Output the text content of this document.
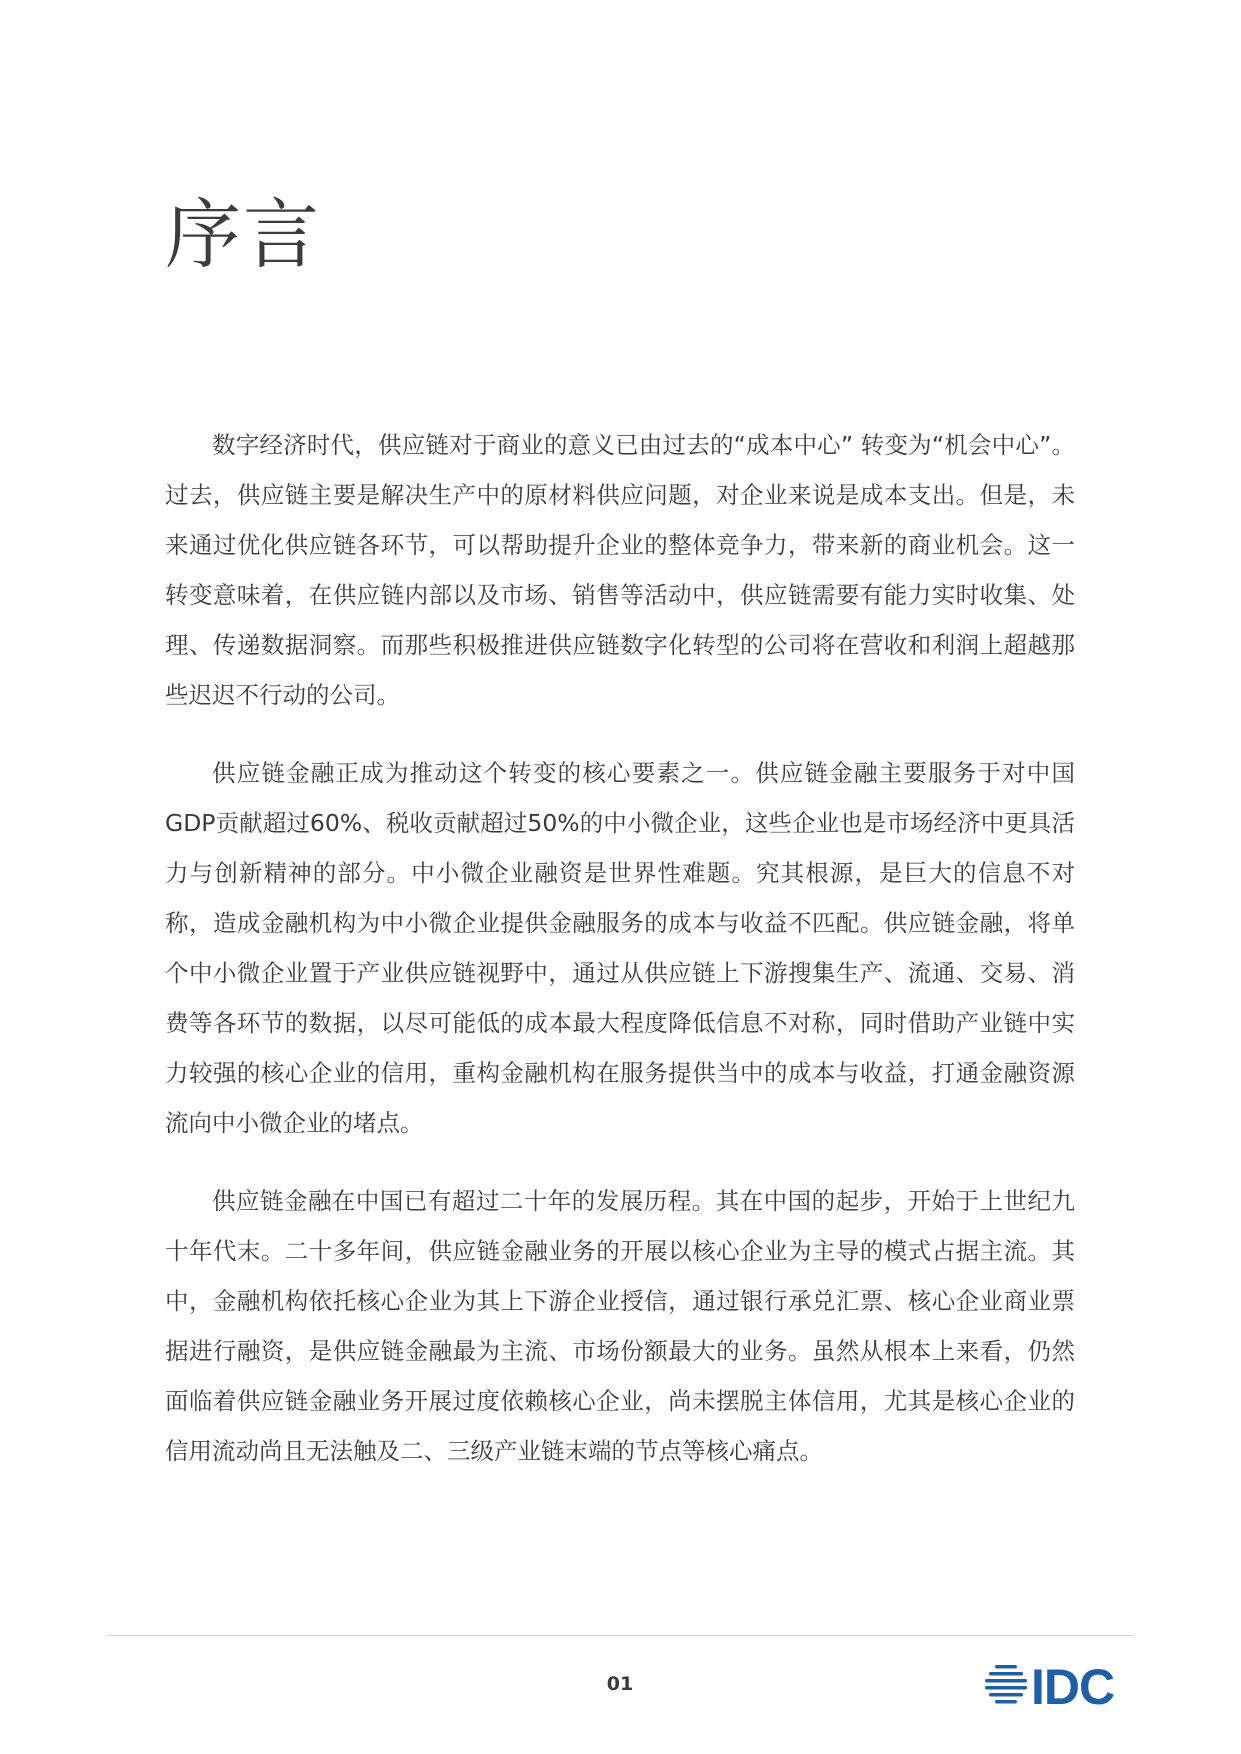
序言

数字经济时代，供应链对于商业的意义已由过去的“成本中心” 转变为“机会中心”。过去，供应链主要是解决生产中的原材料供应问题，对企业来说是成本支出。但是，未来通过优化供应链各环节，可以帮助提升企业的整体竞争力，带来新的商业机会。这一转变意味着，在供应链内部以及市场、销售等活动中，供应链需要有能力实时收集、处理、传递数据洞察。而那些积极推进供应链数字化转型的公司将在营收和利润上超越那些迟迟不行动的公司。

供应链金融正成为推动这个转变的核心要素之一。供应链金融主要服务于对中国GDP贡献超过60%、税收贡献超过50%的中小微企业，这些企业也是市场经济中更具活力与创新精神的部分。中小微企业融资是世界性难题。究其根源，是巨大的信息不对称，造成金融机构为中小微企业提供金融服务的成本与收益不匹配。供应链金融，将单个中小微企业置于产业供应链视野中，通过从供应链上下游搜集生产、流通、交易、消费等各环节的数据，以尽可能低的成本最大程度降低信息不对称，同时借助产业链中实力较强的核心企业的信用，重构金融机构在服务提供当中的成本与收益，打通金融资源流向中小微企业的堵点。

供应链金融在中国已有超过二十年的发展历程。其在中国的起步，开始于上世纪九十年代末。二十多年间，供应链金融业务的开展以核心企业为主导的模式占据主流。其中，金融机构依托核心企业为其上下游企业授信，通过银行承兑汇票、核心企业商业票据进行融资，是供应链金融最为主流、市场份额最大的业务。虽然从根本上来看，仍然面临着供应链金融业务开展过度依赖核心企业，尚未摆脱主体信用，尤其是核心企业的信用流动尚且无法触及二、三级产业链末端的节点等核心痛点。

01	IDC
